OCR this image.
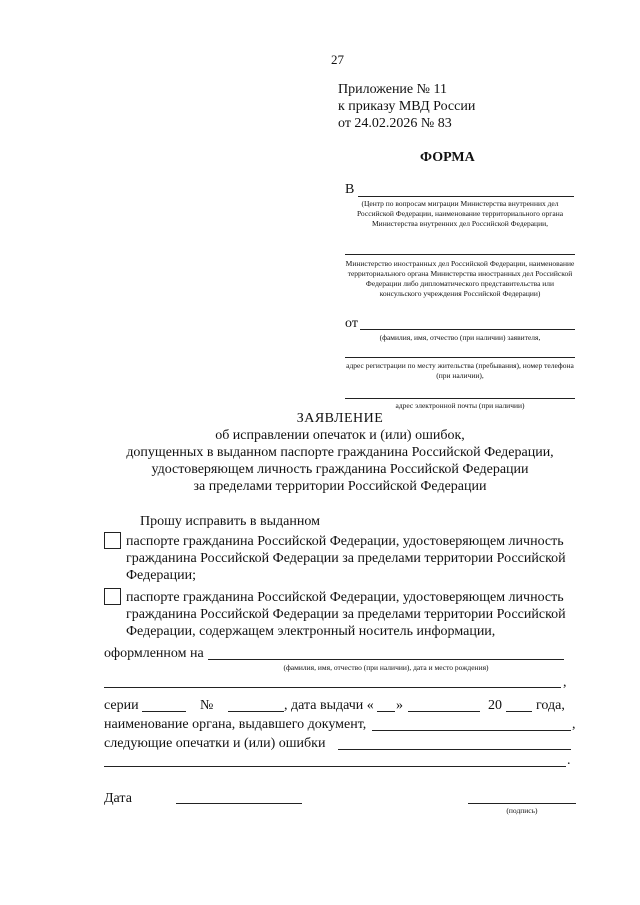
27
Приложение № 11
к приказу МВД России
от 24.02.2026 № 83
ФОРМА
В
(Центр по вопросам миграции Министерства внутренних дел Российской Федерации, наименование территориального органа Министерства внутренних дел Российской Федерации,
Министерство иностранных дел Российской Федерации, наименование территориального органа Министерства иностранных дел Российской Федерации либо дипломатического представительства или консульского учреждения Российской Федерации)
от
(фамилия, имя, отчество (при наличии) заявителя,
адрес регистрации по месту жительства (пребывания), номер телефона (при наличии),
адрес электронной почты (при наличии)
ЗАЯВЛЕНИЕ
об исправлении опечаток и (или) ошибок,
допущенных в выданном паспорте гражданина Российской Федерации,
удостоверяющем личность гражданина Российской Федерации
за пределами территории Российской Федерации
Прошу исправить в выданном
паспорте гражданина Российской Федерации, удостоверяющем личность
гражданина Российской Федерации за пределами территории Российской
Федерации;
паспорте гражданина Российской Федерации, удостоверяющем личность
гражданина Российской Федерации за пределами территории Российской
Федерации, содержащем электронный носитель информации,
оформленном на
(фамилия, имя, отчество (при наличии), дата и место рождения)
,
серии	№	, дата выдачи « »	20 года,
наименование органа, выдавшего документ,	,
следующие опечатки и (или) ошибки
.
Дата
(подпись)
